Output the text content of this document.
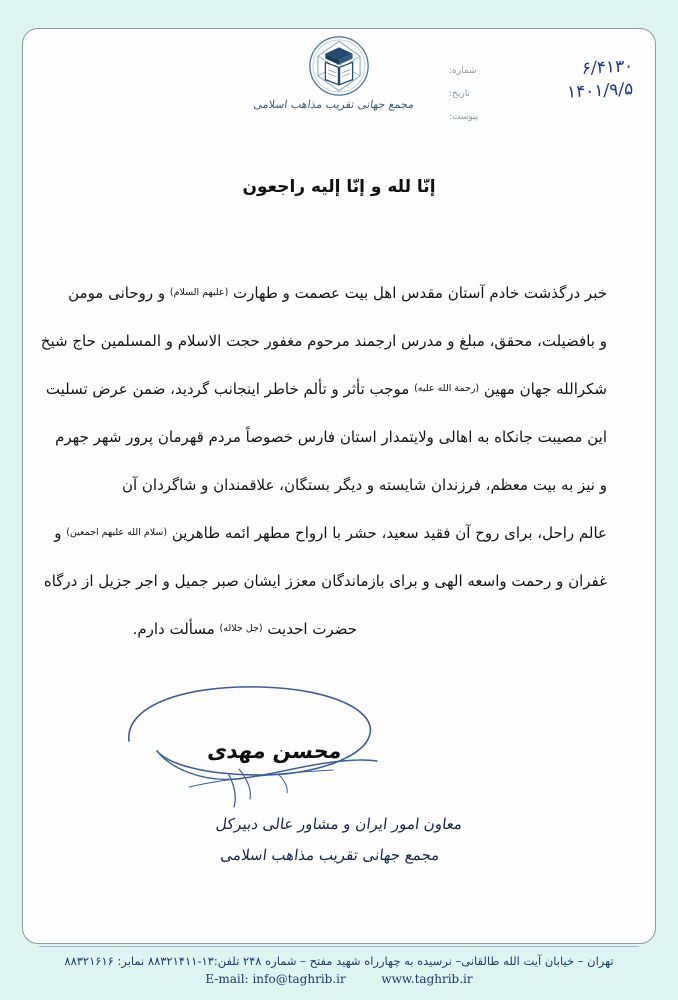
مجمع جهانی تقریب مذاهب اسلامی
۶/۴۱۳۰
شماره:
۱۴۰۱/۹/۵
تاریخ:
پیوست:
إنّا لله و إنّا إليه راجعون
خبر درگذشت خادم آستان مقدس اهل بیت عصمت و طهارت $^{(علیهم السلام)}$ و روحانی مومن
و بافضیلت، محقق، مبلغ و مدرس ارجمند مرحوم مغفور حجت الاسلام و المسلمین حاج شیخ
شکرالله جهان مهین $^{(رحمة الله علیه)}$ موجب تأثر و تألم خاطر اینجانب گردید، ضمن عرض تسلیت
این مصیبت جانکاه به اهالی ولایتمدار استان فارس خصوصاً مردم قهرمان پرور شهر جهرم
و نیز به بیت معظم، فرزندان شایسته و دیگر بستگان، علاقمندان و شاگردان آن
عالم راحل، برای روح آن فقید سعید، حشر با ارواح مطهر ائمه طاهرین $^{(سلام الله علیهم اجمعین)}$ و
غفران و رحمت واسعه الهی و برای بازماندگان معزز ایشان صبر جمیل و اجر جزیل از درگاه
حضرت احدیت $^{(جل جلاله)}$ مسألت دارم.
محسن مهدی
معاون امور ایران و مشاور عالی دبیرکل
مجمع جهانی تقریب مذاهب اسلامی
تهران – خیابان آیت الله طالقانی– نرسیده به چهارراه شهید مفتح – شماره ۲۴۸ تلفن:۱۳-۸۸۳۲۱۴۱۱ نمابر: ۸۸۳۲۱۶۱۶
E-mail: info@taghrib.ir	www.taghrib.ir
